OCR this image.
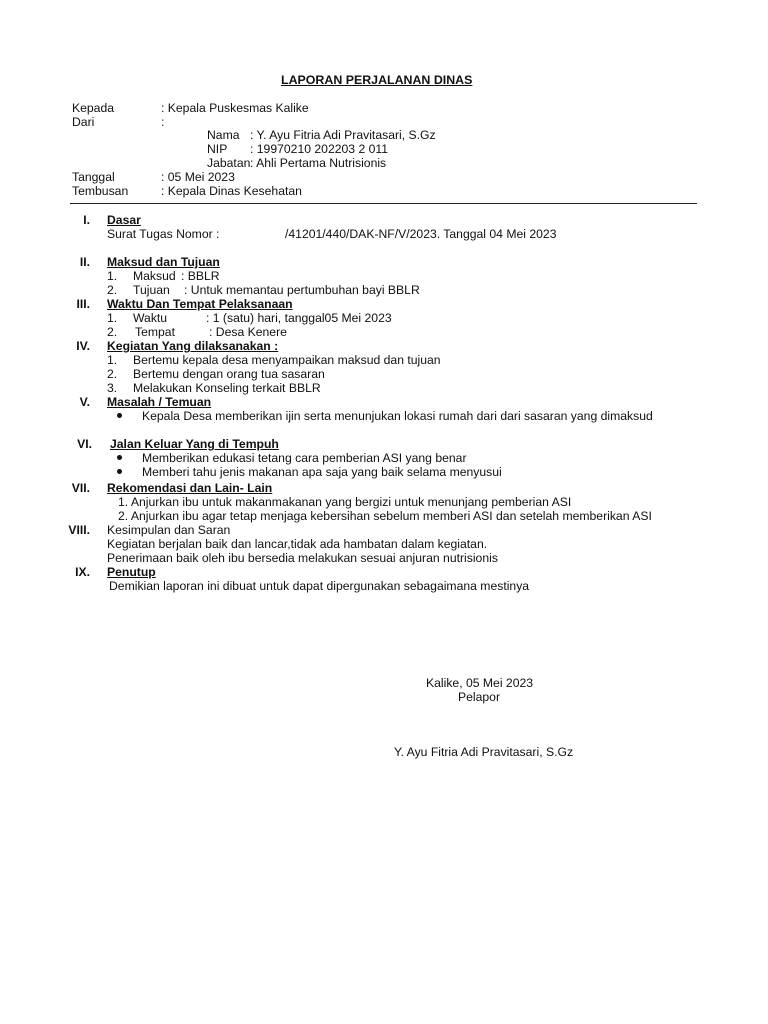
LAPORAN PERJALANAN DINAS
Kepada	: Kepala Puskesmas Kalike
Dari	:
Nama : Y. Ayu Fitria Adi Pravitasari, S.Gz
NIP : 19970210 202203 2 011
Jabatan : Ahli Pertama Nutrisionis
Tanggal	: 05 Mei 2023
Tembusan	: Kepala Dinas Kesehatan
I. Dasar
Surat Tugas Nomor :	/41201/440/DAK-NF/V/2023. Tanggal 04 Mei 2023
II. Maksud dan Tujuan
1. Maksud : BBLR
2. Tujuan : Untuk memantau pertumbuhan bayi BBLR
III. Waktu Dan Tempat Pelaksanaan
1. Waktu	: 1 (satu) hari, tanggal05 Mei 2023
2. Tempat	: Desa Kenere
IV. Kegiatan Yang dilaksanakan :
1. Bertemu kepala desa menyampaikan maksud dan tujuan
2. Bertemu dengan orang tua sasaran
3. Melakukan Konseling terkait BBLR
V. Masalah / Temuan
Kepala Desa memberikan ijin serta menunjukan lokasi rumah dari dari sasaran yang dimaksud
VI. Jalan Keluar Yang di Tempuh
Memberikan edukasi tetang cara pemberian ASI yang benar
Memberi tahu jenis makanan apa saja yang baik selama menyusui
VII. Rekomendasi dan Lain- Lain
1. Anjurkan ibu untuk makanmakanan yang bergizi untuk menunjang pemberian ASI
2. Anjurkan ibu agar tetap menjaga kebersihan sebelum memberi ASI dan setelah memberikan ASI
VIII. Kesimpulan dan Saran
Kegiatan berjalan baik dan lancar,tidak ada hambatan dalam kegiatan.
Penerimaan baik oleh ibu bersedia melakukan sesuai anjuran nutrisionis
IX. Penutup
Demikian laporan ini dibuat untuk dapat dipergunakan sebagaimana mestinya
Kalike, 05 Mei 2023
Pelapor
Y. Ayu Fitria Adi Pravitasari, S.Gz
